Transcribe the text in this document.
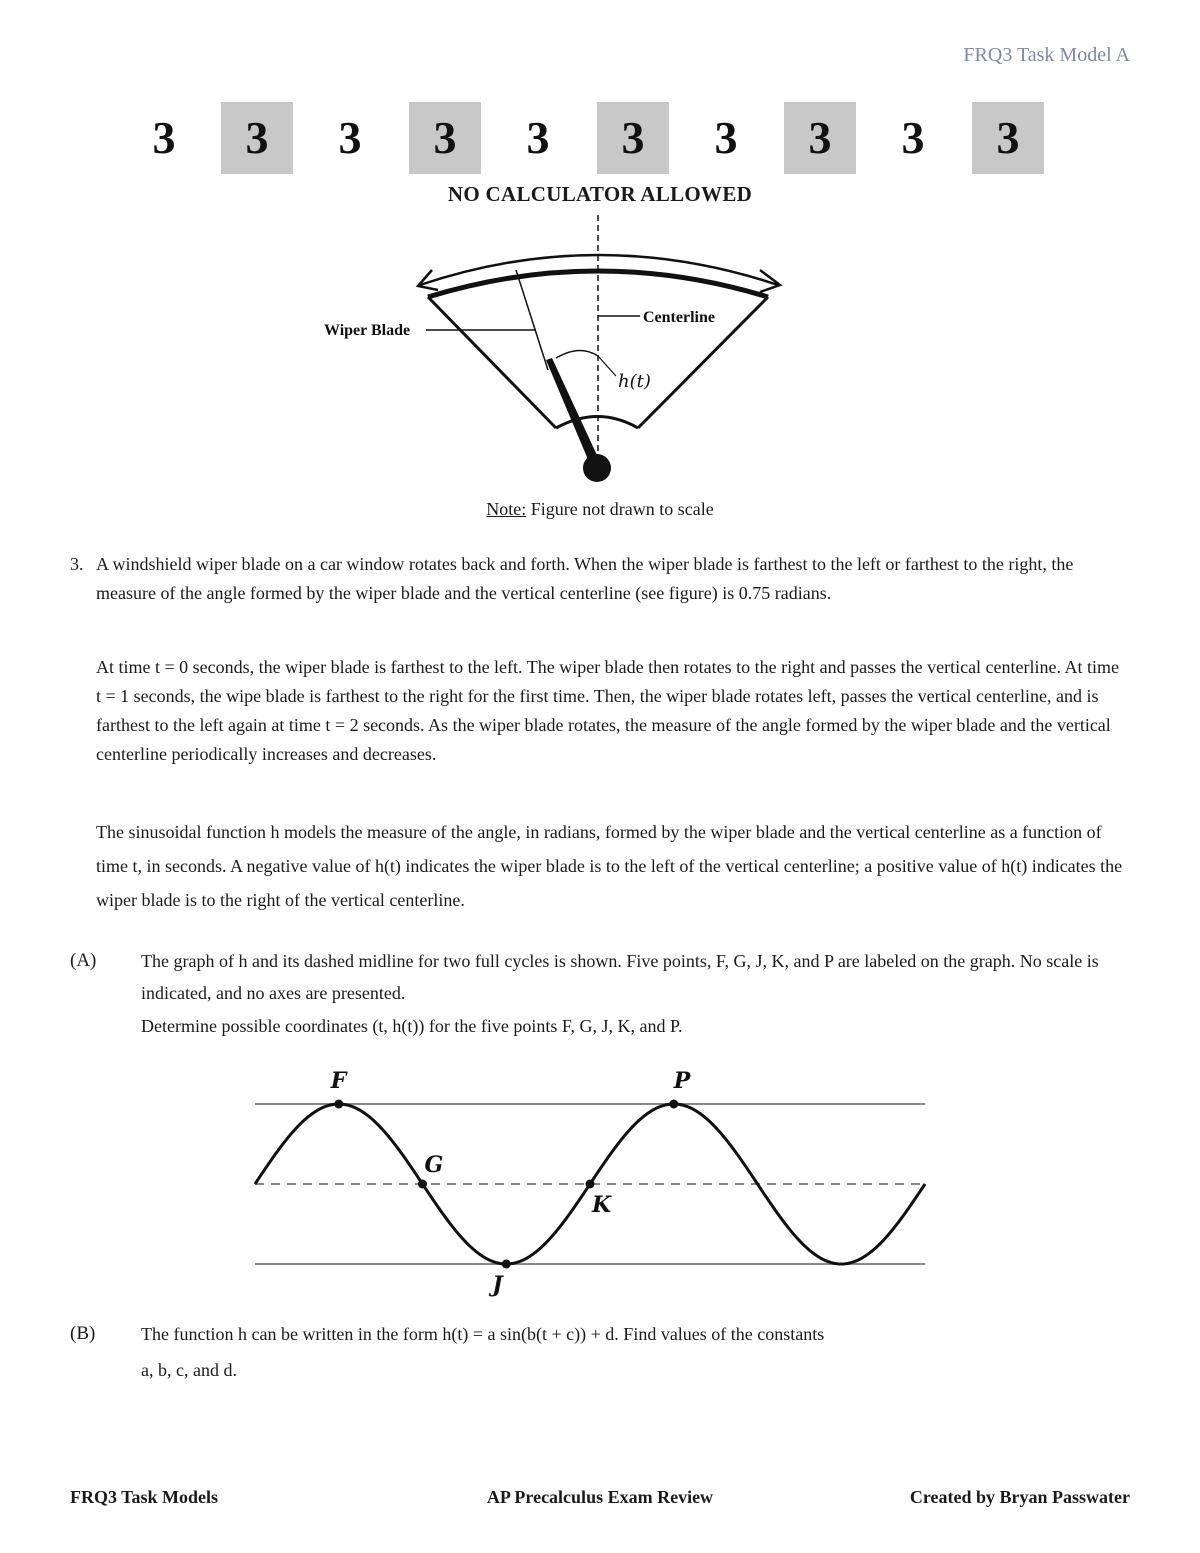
FRQ3 Task Model A
3	3	3	3	3	3	3	3	3	3
NO CALCULATOR ALLOWED
Wiper Blade
Centerline
h(t)
Note: Figure not drawn to scale
3. A windshield wiper blade on a car window rotates back and forth. When the wiper blade is farthest to the left or farthest to the right, the measure of the angle formed by the wiper blade and the vertical centerline (see figure) is 0.75 radians.
At time t = 0 seconds, the wiper blade is farthest to the left. The wiper blade then rotates to the right and passes the vertical centerline. At time t = 1 seconds, the wipe blade is farthest to the right for the first time. Then, the wiper blade rotates left, passes the vertical centerline, and is farthest to the left again at time t = 2 seconds. As the wiper blade rotates, the measure of the angle formed by the wiper blade and the vertical centerline periodically increases and decreases.
The sinusoidal function h models the measure of the angle, in radians, formed by the wiper blade and the vertical centerline as a function of time t, in seconds. A negative value of h(t) indicates the wiper blade is to the left of the vertical centerline; a positive value of h(t) indicates the wiper blade is to the right of the vertical centerline.
(A) The graph of h and its dashed midline for two full cycles is shown. Five points, F, G, J, K, and P are labeled on the graph. No scale is indicated, and no axes are presented.
Determine possible coordinates (t, h(t)) for the five points F, G, J, K, and P.
F
G
J
K
P
(B)	The function h can be written in the form h(t) = a sin(b(t + c)) + d. Find values of the constants
a, b, c, and d.
FRQ3 Task Models	AP Precalculus Exam Review	Created by Bryan Passwater
